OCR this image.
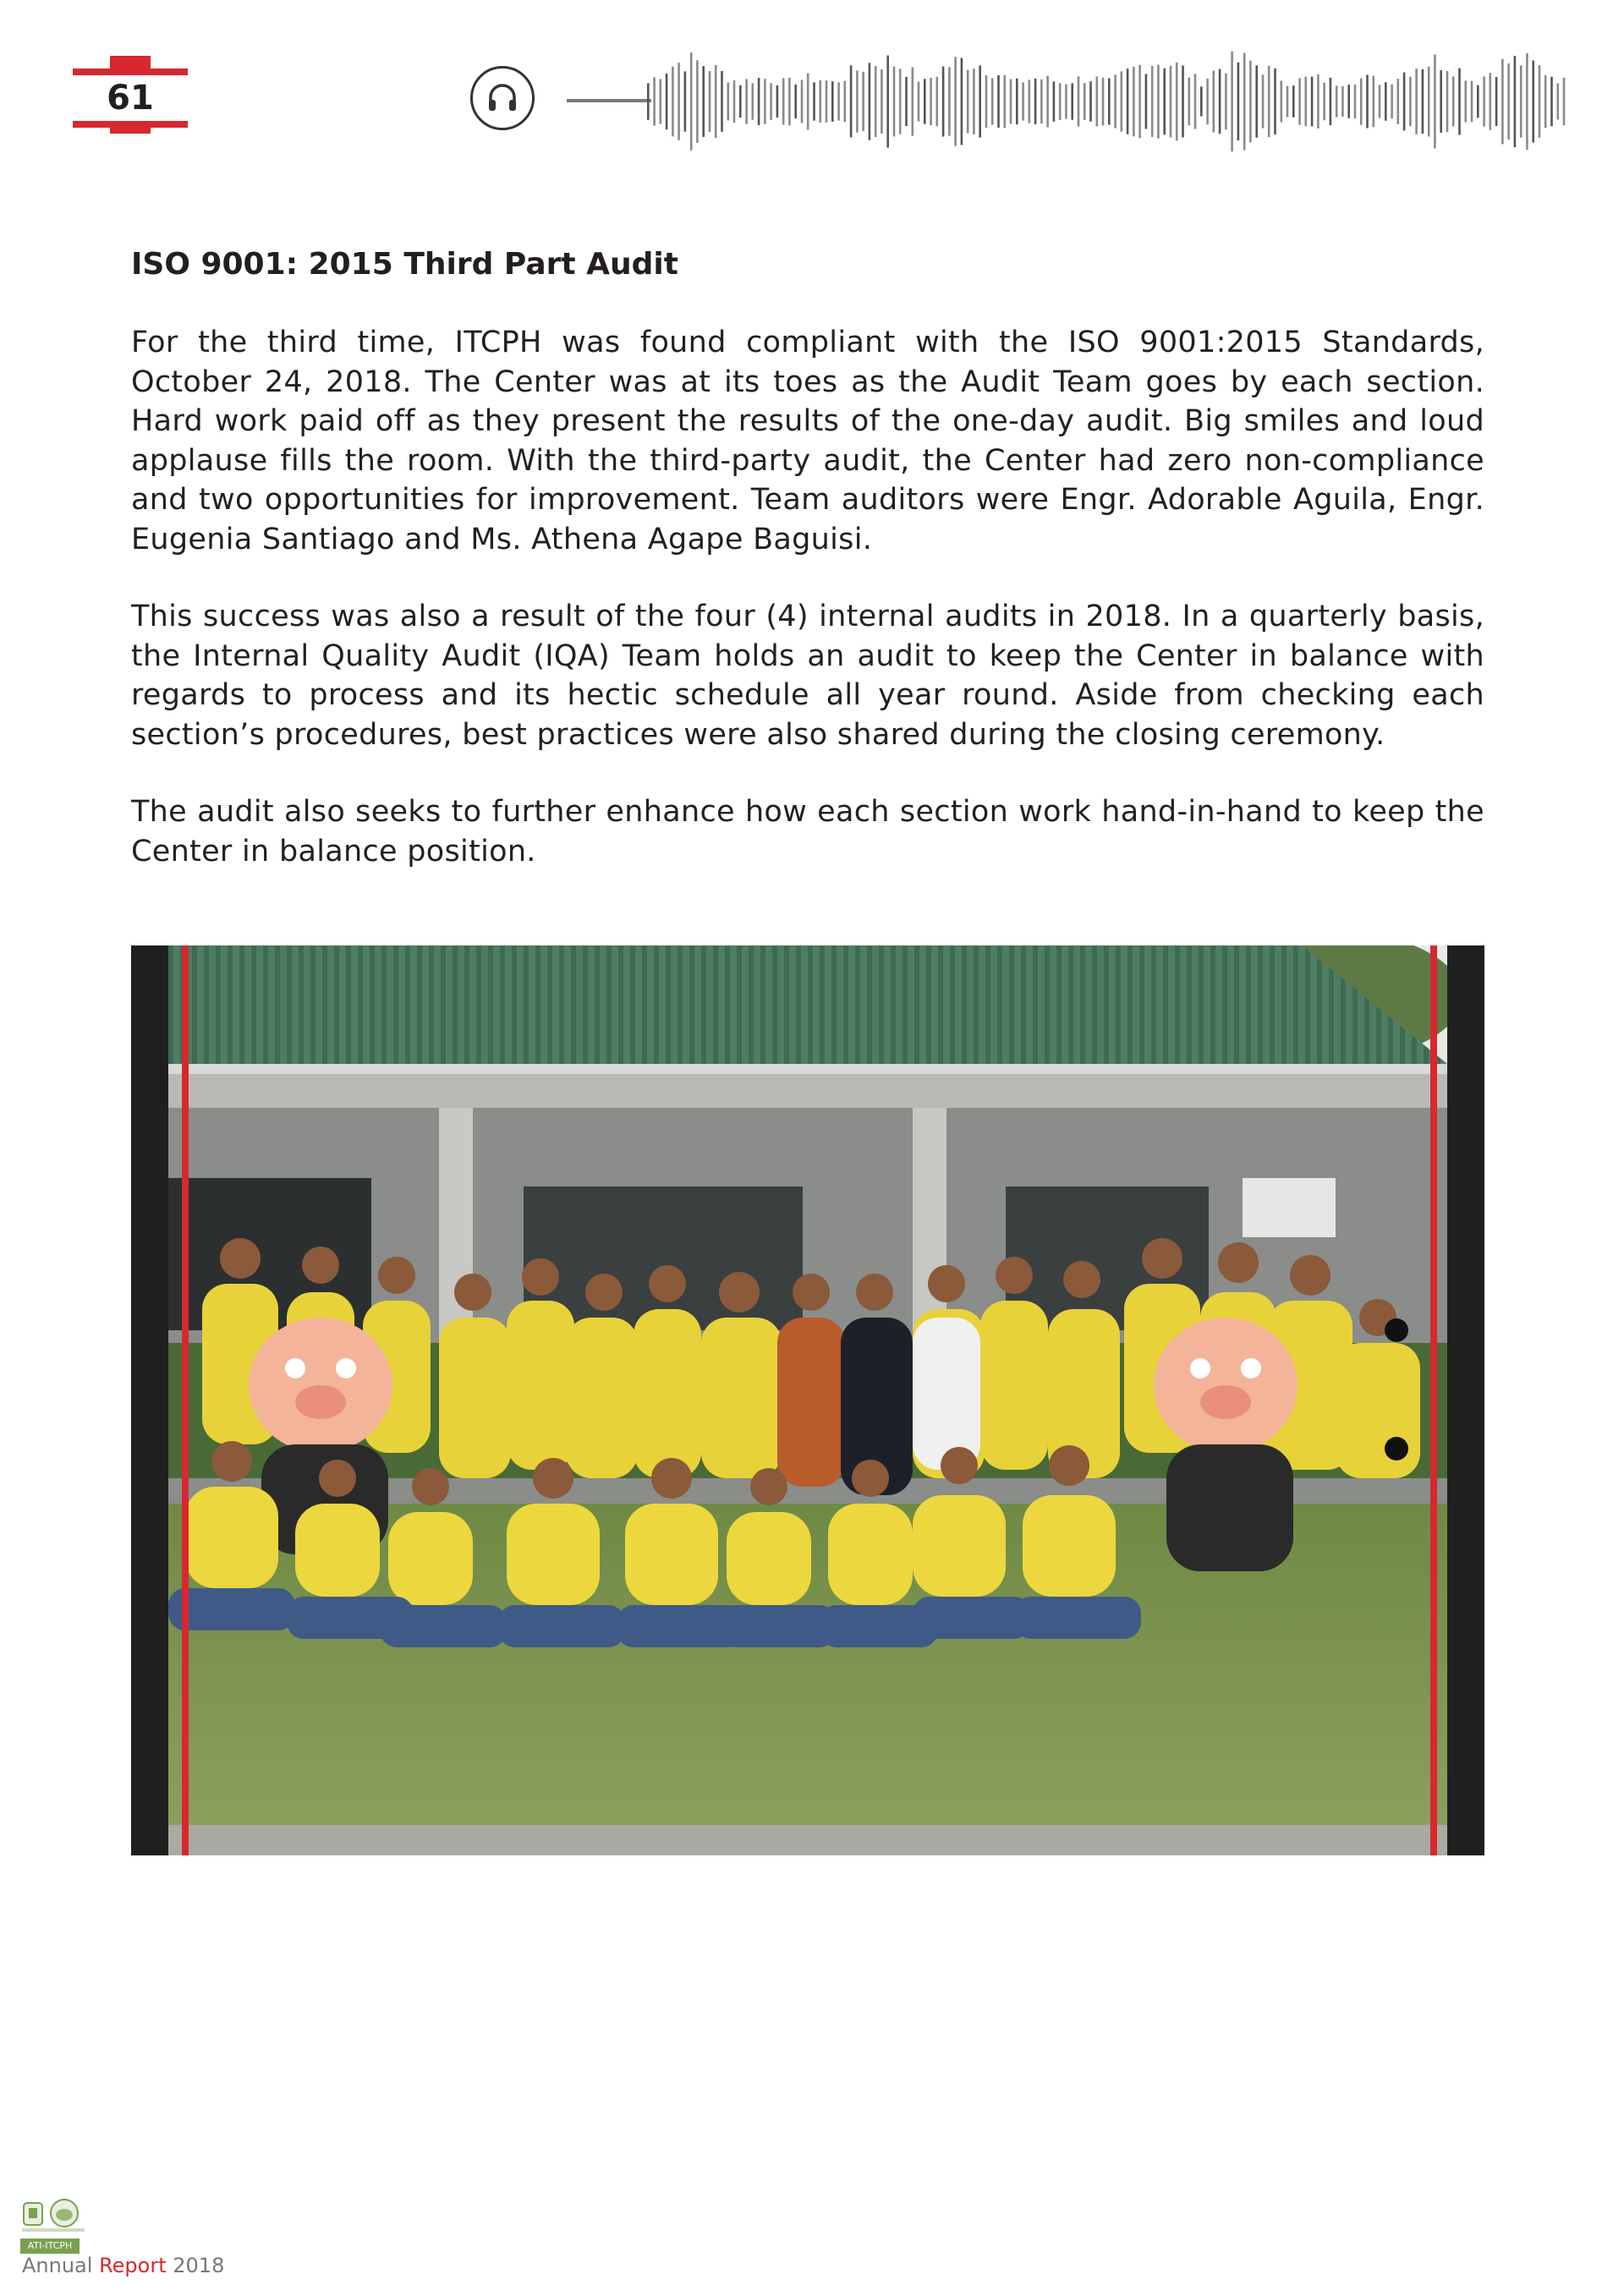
61
ISO 9001: 2015 Third Part Audit

For the third time, ITCPH was found compliant with the ISO 9001:2015 Standards, October 24, 2018. The Center was at its toes as the Audit Team goes by each section. Hard work paid off as they present the results of the one-day audit. Big smiles and loud applause fills the room. With the third-party audit, the Center had zero non-compliance and two opportunities for improvement. Team auditors were Engr. Adorable Aguila, Engr. Eugenia Santiago and Ms. Athena Agape Baguisi.

This success was also a result of the four (4) internal audits in 2018. In a quarterly basis, the Internal Quality Audit (IQA) Team holds an audit to keep the Center in balance with regards to process and its hectic schedule all year round. Aside from checking each section’s procedures, best practices were also shared during the closing ceremony.

The audit also seeks to further enhance how each section work hand-in-hand to keep the Center in balance position.

ATI-ITCPH
Annual Report 2018
